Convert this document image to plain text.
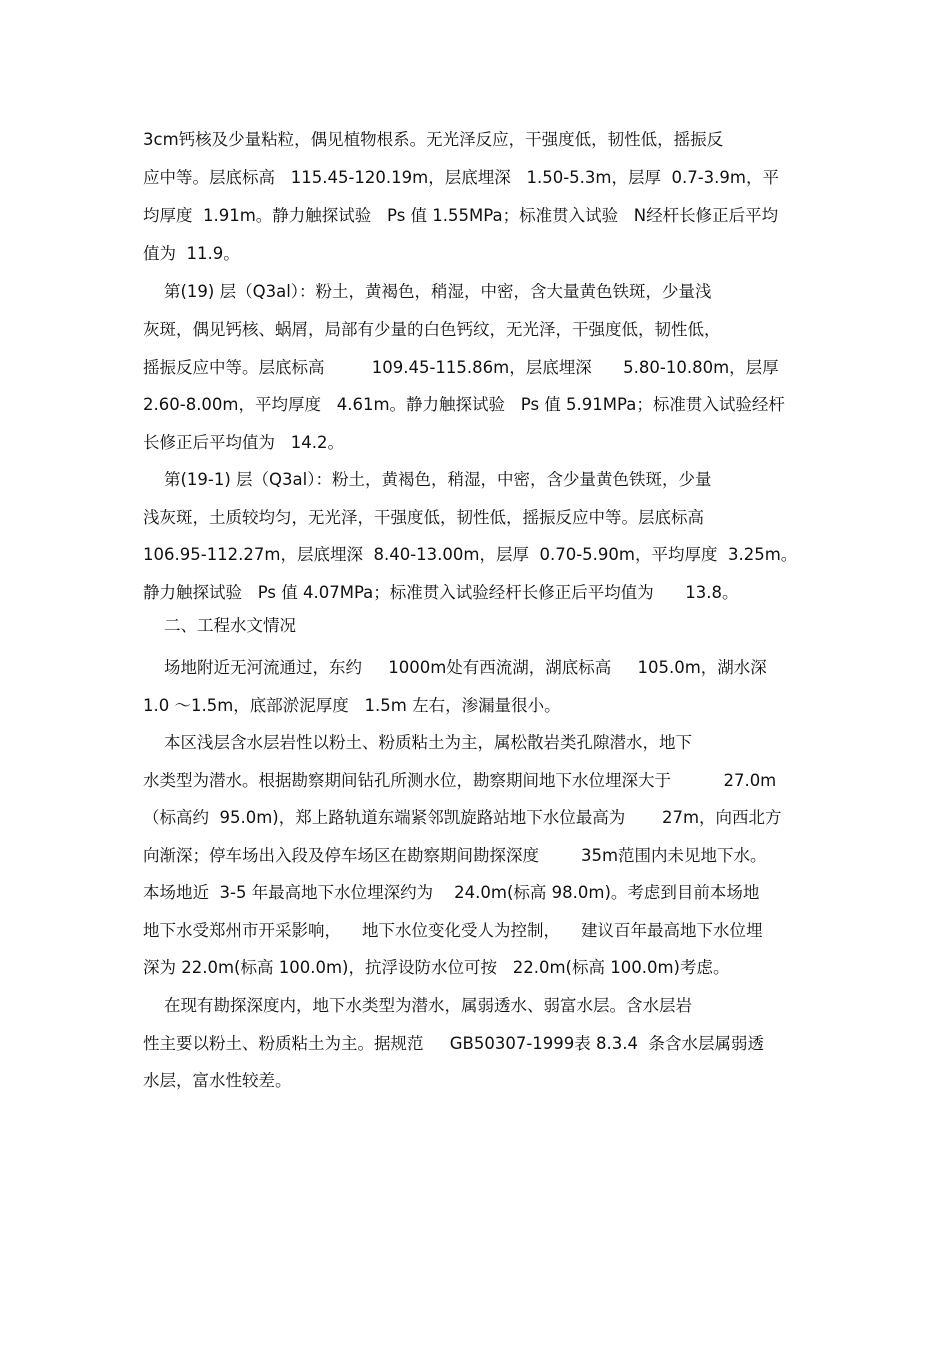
3cm钙核及少量粘粒，偶见植物根系。无光泽反应，干强度低，韧性低，摇振反
应中等。层底标高   115.45-120.19m，层底埋深   1.50-5.3m，层厚  0.7-3.9m，平
均厚度  1.91m。静力触探试验   Ps 值 1.55MPa；标准贯入试验   N经杆长修正后平均
值为  11.9。
第(19) 层（Q3al）：粉土，黄褐色，稍湿，中密，含大量黄色铁斑，少量浅
灰斑，偶见钙核、蜗屑，局部有少量的白色钙纹，无光泽，干强度低，韧性低，
摇振反应中等。层底标高         109.45-115.86m，层底埋深      5.80-10.80m，层厚
2.60-8.00m，平均厚度   4.61m。静力触探试验   Ps 值 5.91MPa；标准贯入试验经杆
长修正后平均值为   14.2。
第(19-1) 层（Q3al）：粉土，黄褐色，稍湿，中密，含少量黄色铁斑，少量
浅灰斑，土质较均匀，无光泽，干强度低，韧性低，摇振反应中等。层底标高
106.95-112.27m，层底埋深  8.40-13.00m，层厚  0.70-5.90m，平均厚度  3.25m。
静力触探试验   Ps 值 4.07MPa；标准贯入试验经杆长修正后平均值为      13.8。
二、工程水文情况
场地附近无河流通过，东约     1000m处有西流湖，湖底标高     105.0m，湖水深
1.0 ～1.5m，底部淤泥厚度   1.5m 左右，渗漏量很小。
本区浅层含水层岩性以粉土、粉质粘土为主，属松散岩类孔隙潜水，地下
水类型为潜水。根据勘察期间钻孔所测水位，勘察期间地下水位埋深大于          27.0m
（标高约  95.0m)，郑上路轨道东端紧邻凯旋路站地下水位最高为       27m，向西北方
向渐深；停车场出入段及停车场区在勘察期间勘探深度        35m范围内未见地下水。
本场地近  3-5 年最高地下水位埋深约为    24.0m(标高 98.0m)。考虑到目前本场地
地下水受郑州市开采影响，    地下水位变化受人为控制，    建议百年最高地下水位埋
深为 22.0m(标高 100.0m)，抗浮设防水位可按   22.0m(标高 100.0m)考虑。
在现有勘探深度内，地下水类型为潜水，属弱透水、弱富水层。含水层岩
性主要以粉土、粉质粘土为主。据规范     GB50307-1999表 8.3.4  条含水层属弱透
水层，富水性较差。
